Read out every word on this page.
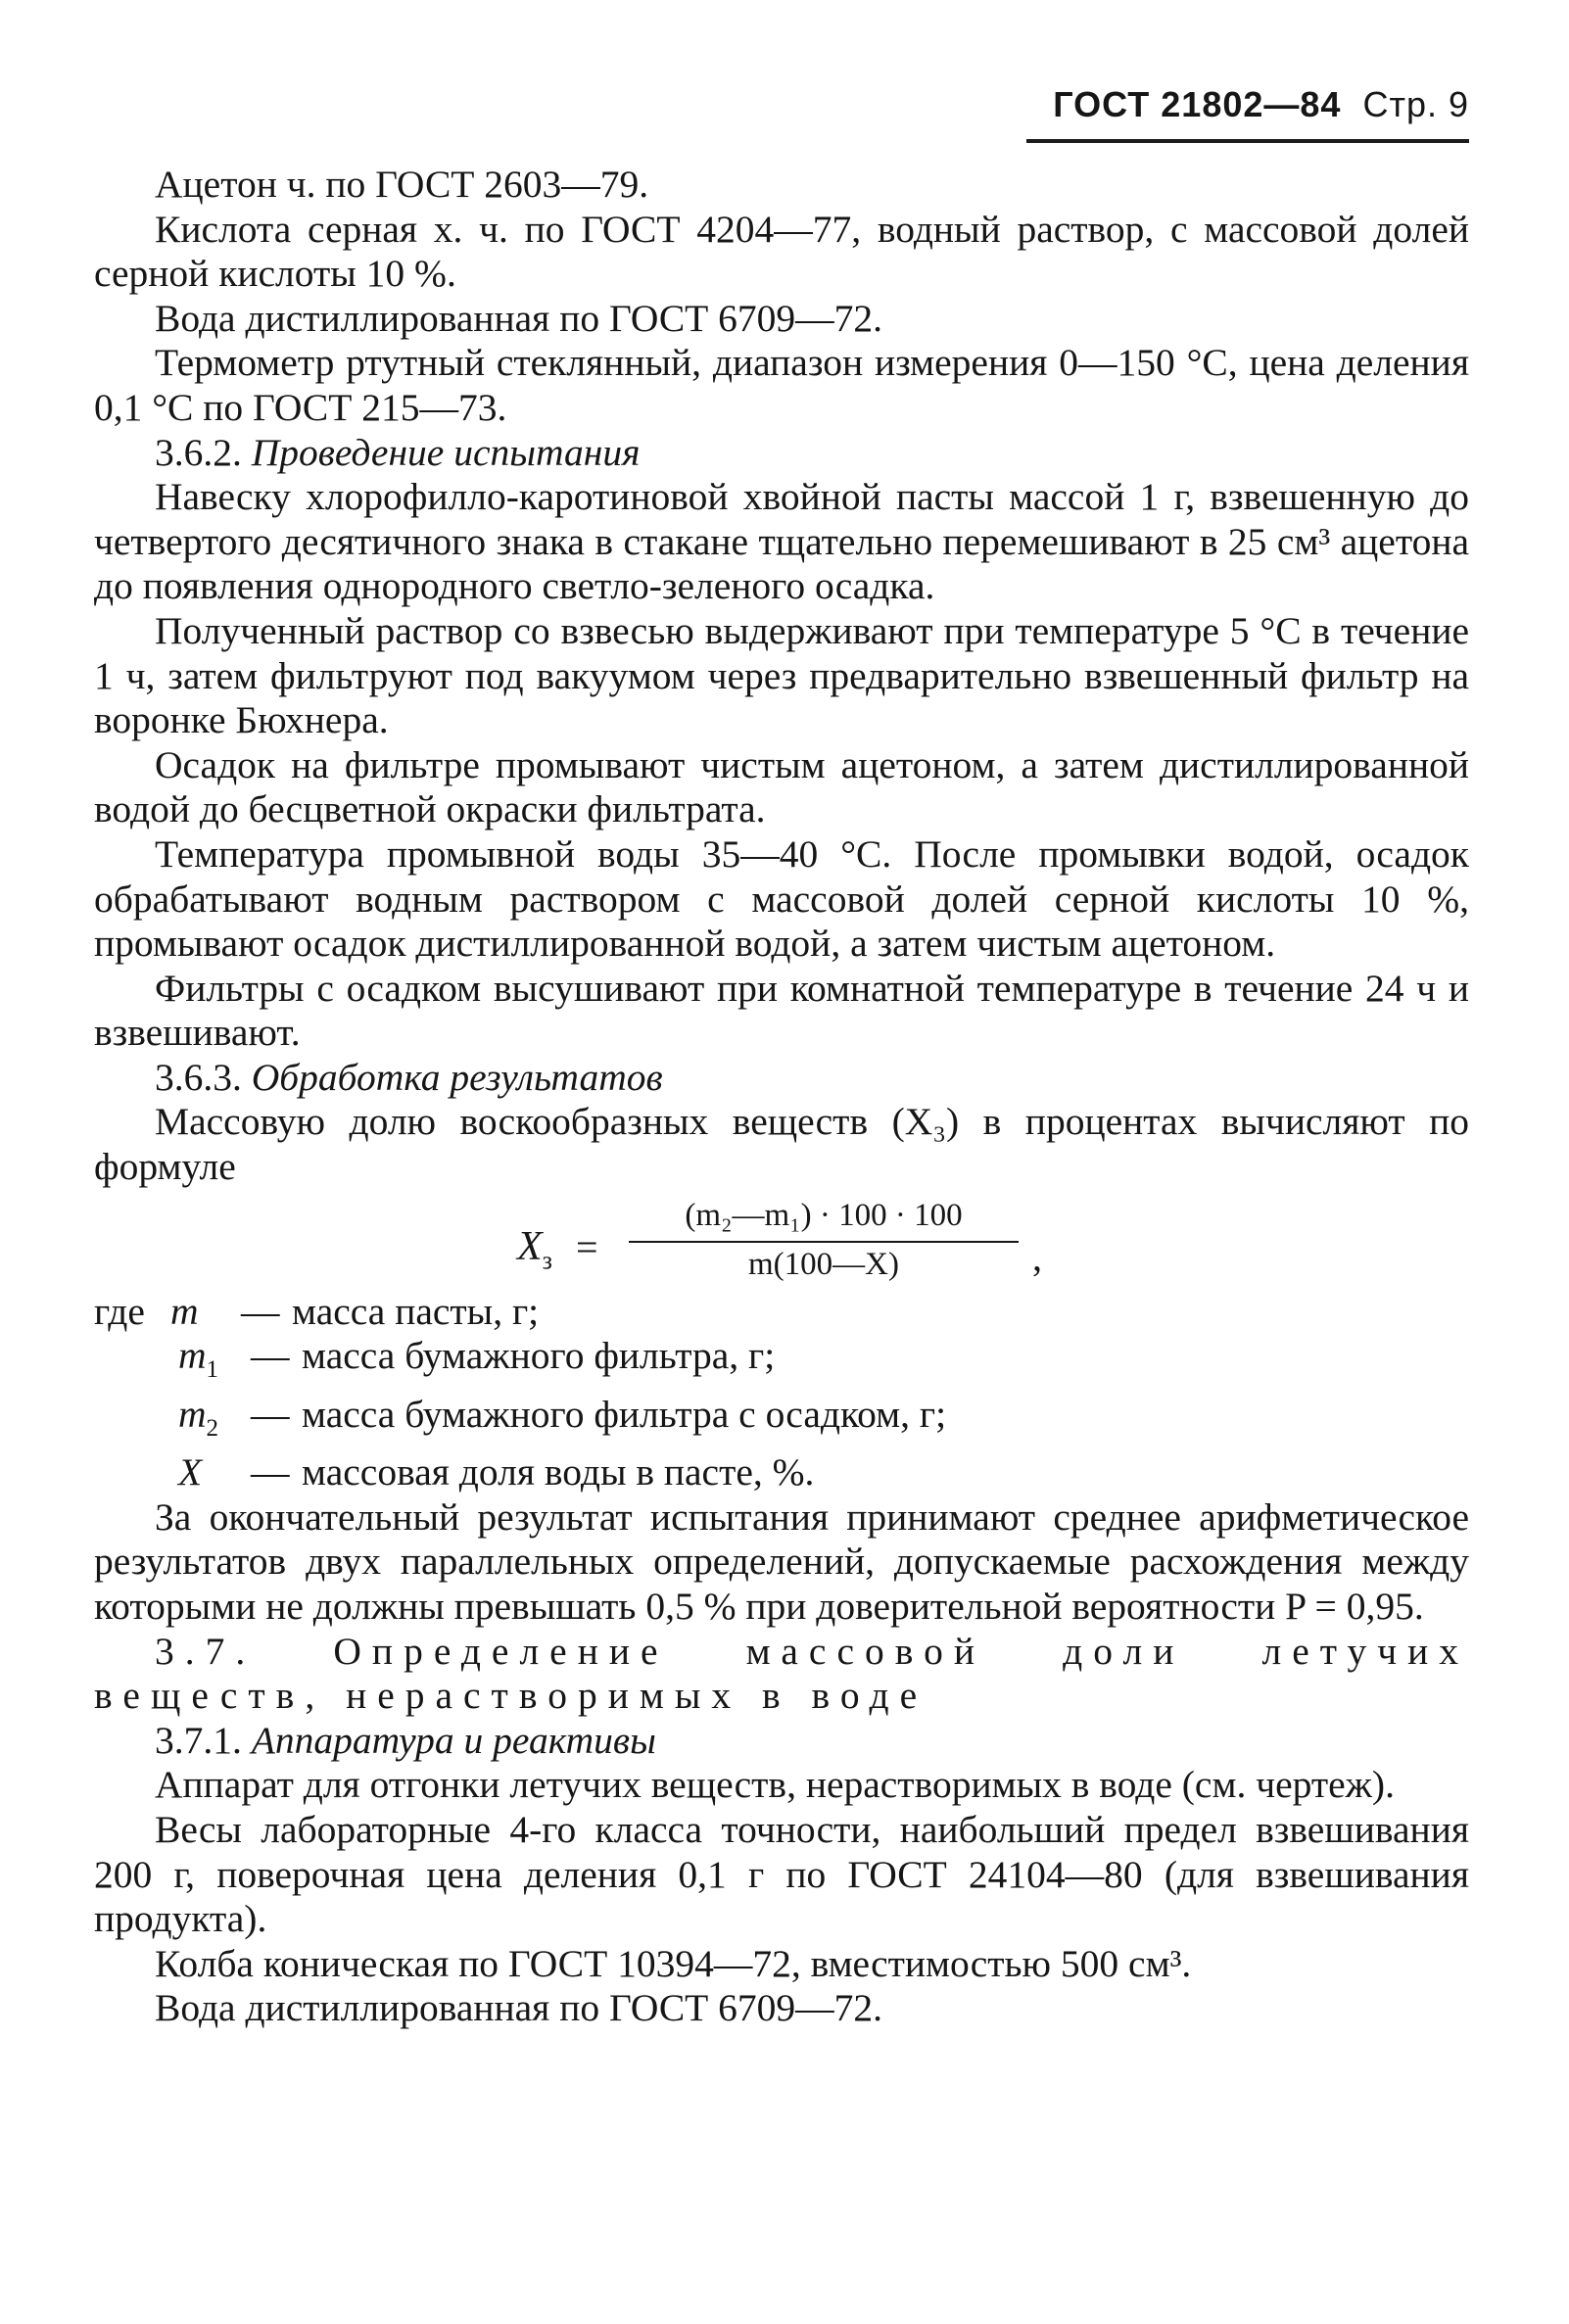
ГОСТ 21802—84 Стр. 9

Ацетон ч. по ГОСТ 2603—79.

Кислота серная х. ч. по ГОСТ 4204—77, водный раствор, с массовой долей серной кислоты 10 %.

Вода дистиллированная по ГОСТ 6709—72.

Термометр ртутный стеклянный, диапазон измерения 0—150 °С, цена деления 0,1 °С по ГОСТ 215—73.

3.6.2. Проведение испытания

Навеску хлорофилло-каротиновой хвойной пасты массой 1 г, взвешенную до четвертого десятичного знака в стакане тщательно перемешивают в 25 см³ ацетона до появления однородного светло-зеленого осадка.

Полученный раствор со взвесью выдерживают при температуре 5 °С в течение 1 ч, затем фильтруют под вакуумом через предварительно взвешенный фильтр на воронке Бюхнера.

Осадок на фильтре промывают чистым ацетоном, а затем дистиллированной водой до бесцветной окраски фильтрата.

Температура промывной воды 35—40 °С. После промывки водой, осадок обрабатывают водным раствором с массовой долей серной кислоты 10 %, промывают осадок дистиллированной водой, а затем чистым ацетоном.

Фильтры с осадком высушивают при комнатной температуре в течение 24 ч и взвешивают.

3.6.3. Обработка результатов

Массовую долю воскообразных веществ (X₃) в процентах вычисляют по формуле

$X_з$ =
(m₂—m₁) · 100 · 100
m(100—X)	,

где m	— масса пасты, г;

$m_1$ — масса бумажного фильтра, г;

$m_2$ — масса бумажного фильтра с осадком, г;

X	— массовая доля воды в пасте, %.

За окончательный результат испытания принимают среднее арифметическое результатов двух параллельных определений, допускаемые расхождения между которыми не должны превышать 0,5 % при доверительной вероятности P = 0,95.

3.7. Определение массовой доли летучих веществ, нерастворимых в воде

3.7.1. Аппаратура и реактивы

Аппарат для отгонки летучих веществ, нерастворимых в воде (см. чертеж).

Весы лабораторные 4-го класса точности, наибольший предел взвешивания 200 г, поверочная цена деления 0,1 г по ГОСТ 24104—80 (для взвешивания продукта).

Колба коническая по ГОСТ 10394—72, вместимостью 500 см³.

Вода дистиллированная по ГОСТ 6709—72.
